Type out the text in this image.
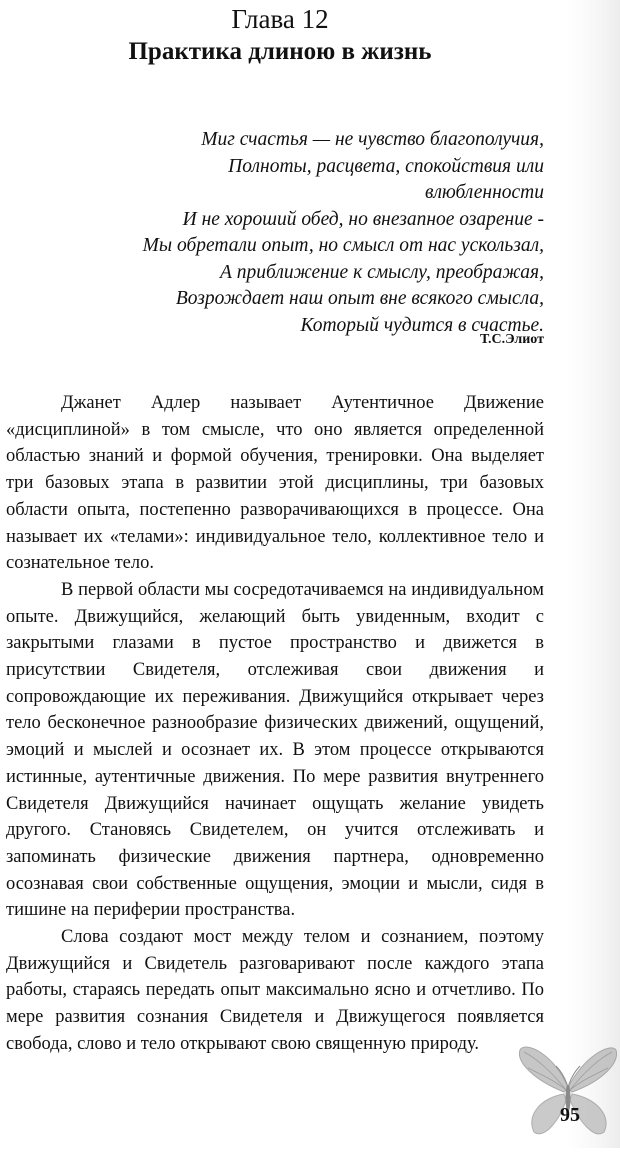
Глава 12
Практика длиною в жизнь
Миг счастья — не чувство благополучия,
Полноты, расцвета, спокойствия или
влюбленности
И не хороший обед, но внезапное озарение -
Мы обретали опыт, но смысл от нас ускользал,
А приближение к смыслу, преображая,
Возрождает наш опыт вне всякого смысла,
Который чудится в счастье.
Т.С.Элиот

Джанет Адлер называет Аутентичное Движение «дисциплиной» в том смысле, что оно является определенной областью знаний и формой обучения, тренировки. Она выделяет три базовых этапа в развитии этой дисциплины, три базовых области опыта, постепенно разворачивающихся в процессе. Она называет их «телами»: индивидуальное тело, коллективное тело и сознательное тело.

В первой области мы сосредотачиваемся на индивидуальном опыте. Движущийся, желающий быть увиденным, входит с закрытыми глазами в пустое пространство и движется в присутствии Свидетеля, отслеживая свои движения и сопровождающие их переживания. Движущийся открывает через тело бесконечное разнообразие физических движений, ощущений, эмоций и мыслей и осознает их. В этом процессе открываются истинные, аутентичные движения. По мере развития внутреннего Свидетеля Движущийся начинает ощущать желание увидеть другого. Становясь Свидетелем, он учится отслеживать и запоминать физические движения партнера, одновременно осознавая свои собственные ощущения, эмоции и мысли, сидя в тишине на периферии пространства.

Слова создают мост между телом и сознанием, поэтому Движущийся и Свидетель разговаривают после каждого этапа работы, стараясь передать опыт максимально ясно и отчетливо. По мере развития сознания Свидетеля и Движущегося появляется свобода, слово и тело открывают свою священную природу.

95
